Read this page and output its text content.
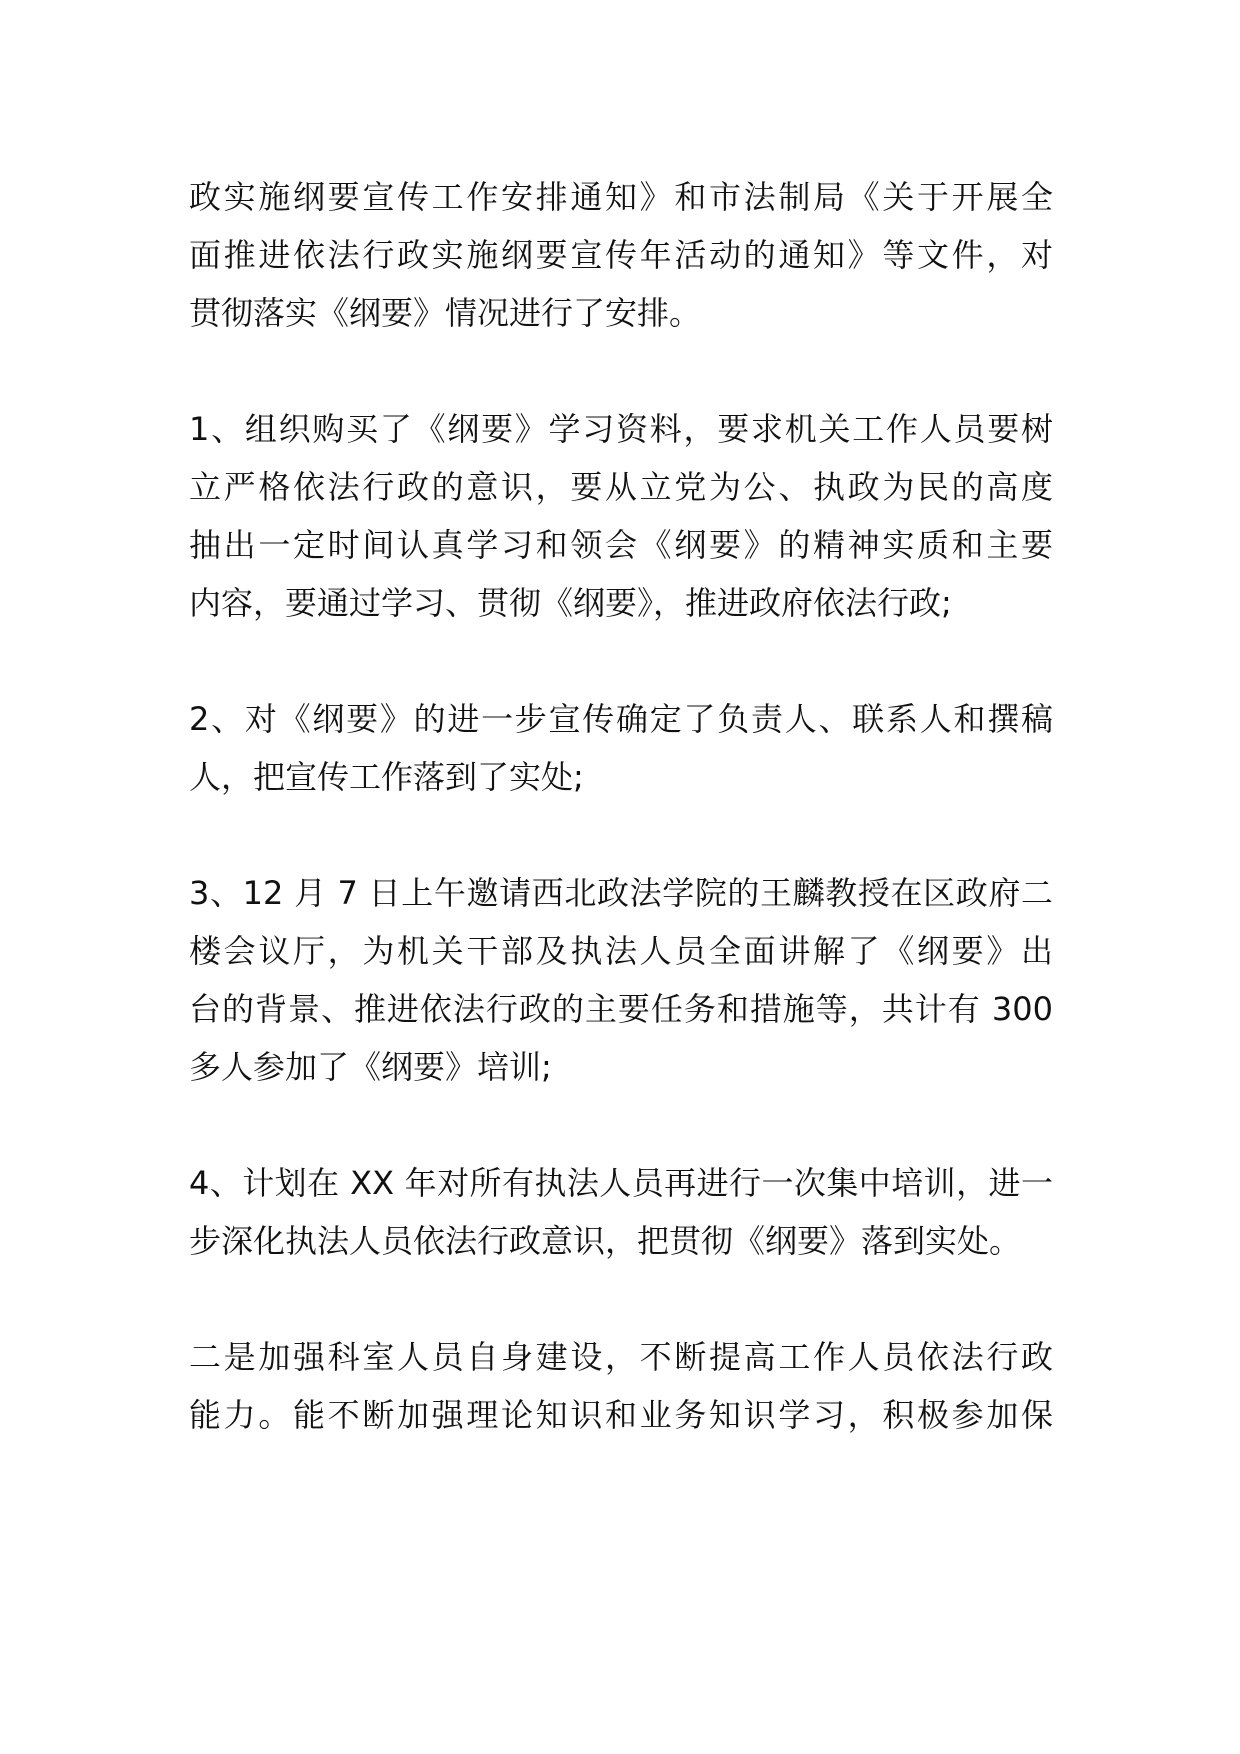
政实施纲要宣传工作安排通知》和市法制局《关于开展全
面推进依法行政实施纲要宣传年活动的通知》等文件，对
贯彻落实《纲要》情况进行了安排。
1、组织购买了《纲要》学习资料，要求机关工作人员要树
立严格依法行政的意识，要从立党为公、执政为民的高度
抽出一定时间认真学习和领会《纲要》的精神实质和主要
内容，要通过学习、贯彻《纲要》，推进政府依法行政;
2、对《纲要》的进一步宣传确定了负责人、联系人和撰稿
人，把宣传工作落到了实处;
3、12 月 7 日上午邀请西北政法学院的王麟教授在区政府二
楼会议厅，为机关干部及执法人员全面讲解了《纲要》出
台的背景、推进依法行政的主要任务和措施等，共计有 300
多人参加了《纲要》培训;
4、计划在 XX 年对所有执法人员再进行一次集中培训，进一
步深化执法人员依法行政意识，把贯彻《纲要》落到实处。
二是加强科室人员自身建设，不断提高工作人员依法行政
能力。能不断加强理论知识和业务知识学习，积极参加保
